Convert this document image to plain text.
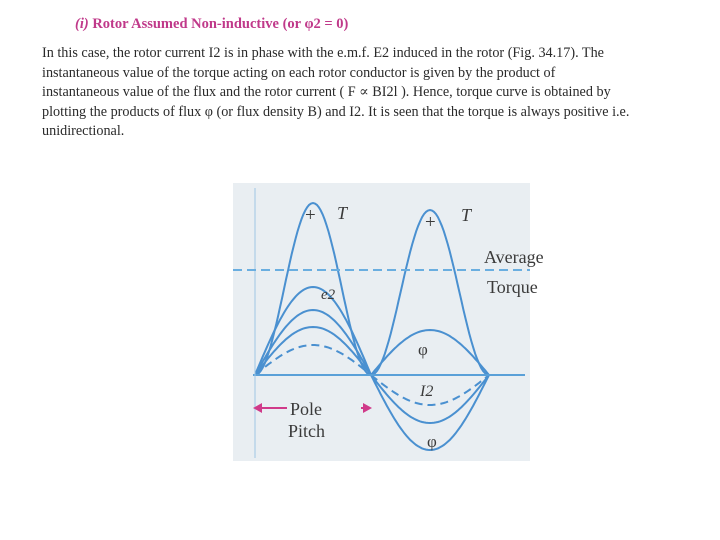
(i) Rotor Assumed Non-inductive (or φ2 = 0)

In this case, the rotor current I2 is in phase with the e.m.f. E2 induced in the rotor (Fig. 34.17). The

instantaneous value of the torque acting on each rotor conductor is given by the product of

instantaneous value of the flux and the rotor current ( F ∝ BI2l ). Hence, torque curve is obtained by

plotting the products of flux φ (or flux density B) and I2. It is seen that the torque is always positive i.e.

unidirectional.

+ T	+ T
Average
Torque
e2
φ
I2
φ
Pole
Pitch
